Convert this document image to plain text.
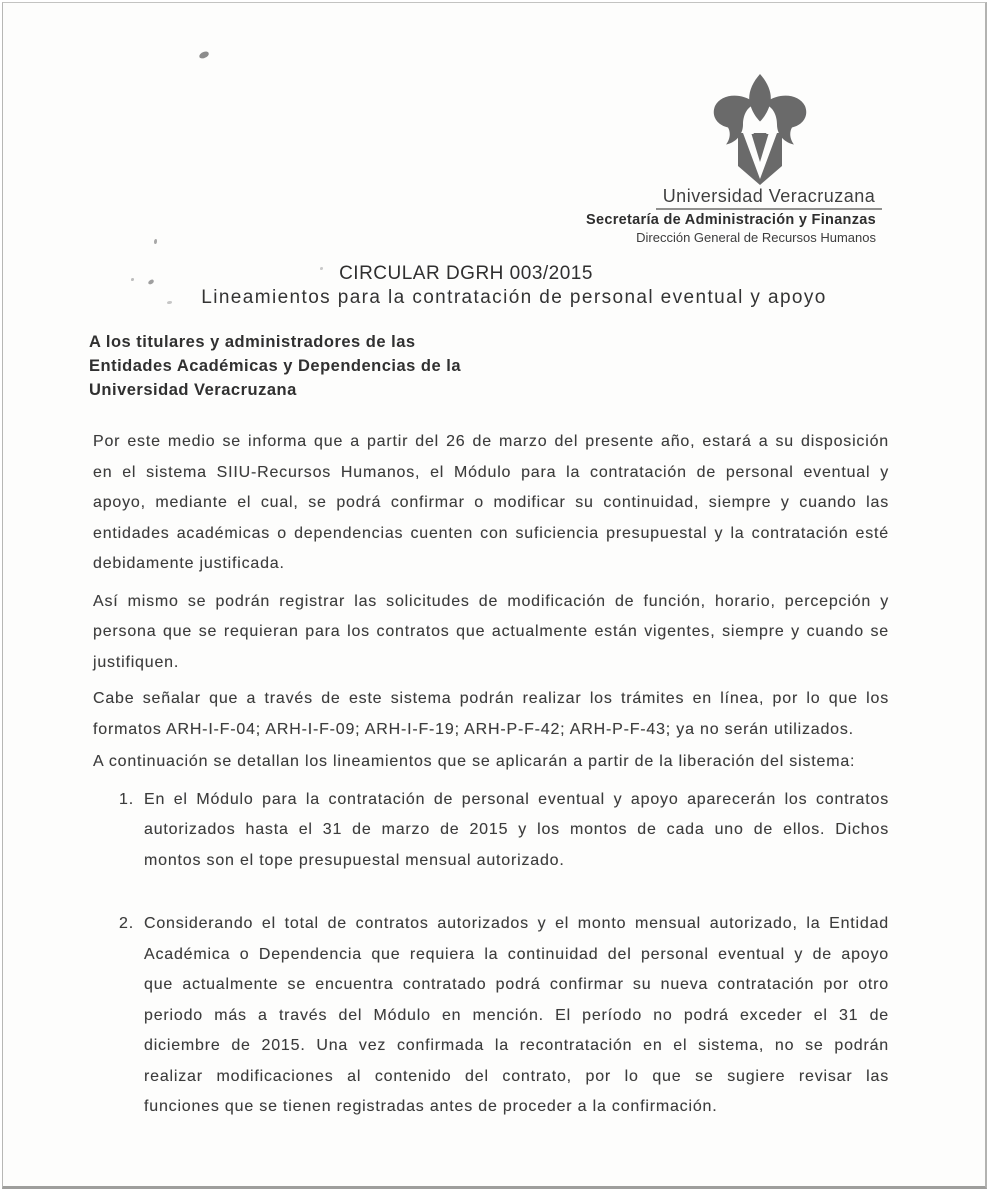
Universidad Veracruzana
Secretaría de Administración y Finanzas
Dirección General de Recursos Humanos
CIRCULAR DGRH 003/2015
Lineamientos para la contratación de personal eventual y apoyo
A los titulares y administradores de las
Entidades Académicas y Dependencias de la
Universidad Veracruzana
Por este medio se informa que a partir del 26 de marzo del presente año, estará a su disposición
en el sistema SIIU-Recursos Humanos, el Módulo para la contratación de personal eventual y
apoyo, mediante el cual, se podrá confirmar o modificar su continuidad, siempre y cuando las
entidades académicas o dependencias cuenten con suficiencia presupuestal y la contratación esté
debidamente justificada.
Así mismo se podrán registrar las solicitudes de modificación de función, horario, percepción y
persona que se requieran para los contratos que actualmente están vigentes, siempre y cuando se
justifiquen.
Cabe señalar que a través de este sistema podrán realizar los trámites en línea, por lo que los
formatos ARH-I-F-04; ARH-I-F-09; ARH-I-F-19; ARH-P-F-42; ARH-P-F-43; ya no serán utilizados.
A continuación se detallan los lineamientos que se aplicarán a partir de la liberación del sistema:
1. En el Módulo para la contratación de personal eventual y apoyo aparecerán los contratos
autorizados hasta el 31 de marzo de 2015 y los montos de cada uno de ellos. Dichos
montos son el tope presupuestal mensual autorizado.
2. Considerando el total de contratos autorizados y el monto mensual autorizado, la Entidad
Académica o Dependencia que requiera la continuidad del personal eventual y de apoyo
que actualmente se encuentra contratado podrá confirmar su nueva contratación por otro
periodo más a través del Módulo en mención. El período no podrá exceder el 31 de
diciembre de 2015. Una vez confirmada la recontratación en el sistema, no se podrán
realizar modificaciones al contenido del contrato, por lo que se sugiere revisar las
funciones que se tienen registradas antes de proceder a la confirmación.
